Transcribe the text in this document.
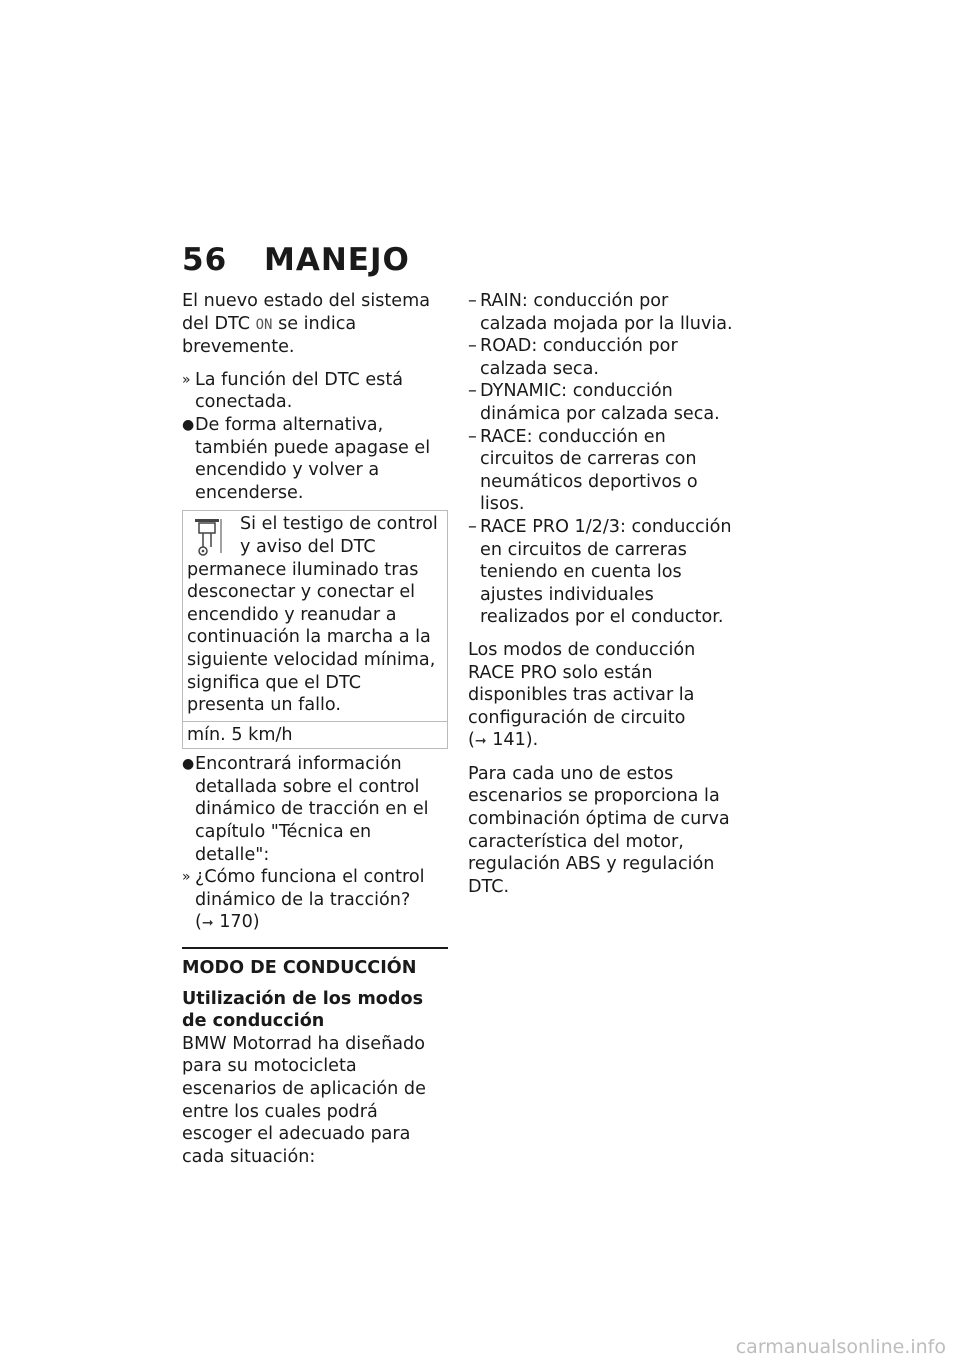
56 MANEJO

El nuevo estado del sistema del DTC ON se indica brevemente.

» La función del DTC está conectada.
● De forma alternativa, también puede apagase el encendido y volver a encenderse.
Si el testigo de control y aviso del DTC permanece iluminado tras desconectar y conectar el encendido y reanudar a continuación la marcha a la siguiente velocidad mínima, significa que el DTC presenta un fallo.
mín. 5 km/h
● Encontrará información detallada sobre el control dinámico de tracción en el capítulo "Técnica en detalle":
» ¿Cómo funciona el control dinámico de la tracción?
(➞ 170)
MODO DE CONDUCCIÓN
Utilización de los modos de conducción

BMW Motorrad ha diseñado para su motocicleta escenarios de aplicación de entre los cuales podrá escoger el adecuado para cada situación:

– RAIN: conducción por calzada mojada por la lluvia.
– ROAD: conducción por calzada seca.
– DYNAMIC: conducción dinámica por calzada seca.
– RACE: conducción en circuitos de carreras con neumáticos deportivos o lisos.
– RACE PRO 1/2/3: conducción en circuitos de carreras teniendo en cuenta los ajustes individuales realizados por el conductor.

Los modos de conducción RACE PRO solo están disponibles tras activar la configuración de circuito
(➞ 141).

Para cada uno de estos escenarios se proporciona la combinación óptima de curva característica del motor, regulación ABS y regulación DTC.

carmanualsonline.info
